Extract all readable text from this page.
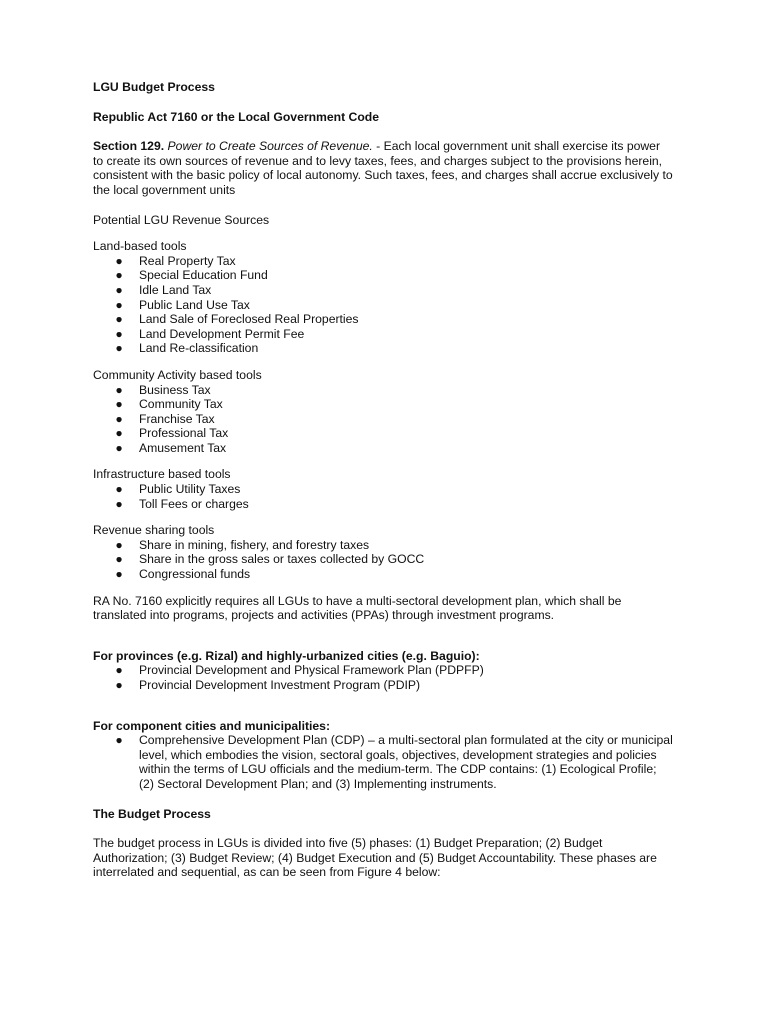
LGU Budget Process

Republic Act 7160 or the Local Government Code

Section 129. Power to Create Sources of Revenue. - Each local government unit shall exercise its power to create its own sources of revenue and to levy taxes, fees, and charges subject to the provisions herein, consistent with the basic policy of local autonomy. Such taxes, fees, and charges shall accrue exclusively to the local government units

Potential LGU Revenue Sources

Land-based tools

● Real Property Tax
● Special Education Fund
● Idle Land Tax
● Public Land Use Tax
● Land Sale of Foreclosed Real Properties
● Land Development Permit Fee
● Land Re-classification

Community Activity based tools

● Business Tax
● Community Tax
● Franchise Tax
● Professional Tax
● Amusement Tax

Infrastructure based tools

● Public Utility Taxes
● Toll Fees or charges

Revenue sharing tools

● Share in mining, fishery, and forestry taxes
● Share in the gross sales or taxes collected by GOCC
● Congressional funds

RA No. 7160 explicitly requires all LGUs to have a multi-sectoral development plan, which shall be translated into programs, projects and activities (PPAs) through investment programs.

For provinces (e.g. Rizal) and highly-urbanized cities (e.g. Baguio):

● Provincial Development and Physical Framework Plan (PDPFP)
● Provincial Development Investment Program (PDIP)

For component cities and municipalities:

● Comprehensive Development Plan (CDP) – a multi-sectoral plan formulated at the city or municipal level, which embodies the vision, sectoral goals, objectives, development strategies and policies within the terms of LGU officials and the medium-term. The CDP contains: (1) Ecological Profile; (2) Sectoral Development Plan; and (3) Implementing instruments.

The Budget Process

The budget process in LGUs is divided into five (5) phases: (1) Budget Preparation; (2) Budget Authorization; (3) Budget Review; (4) Budget Execution and (5) Budget Accountability. These phases are interrelated and sequential, as can be seen from Figure 4 below:
